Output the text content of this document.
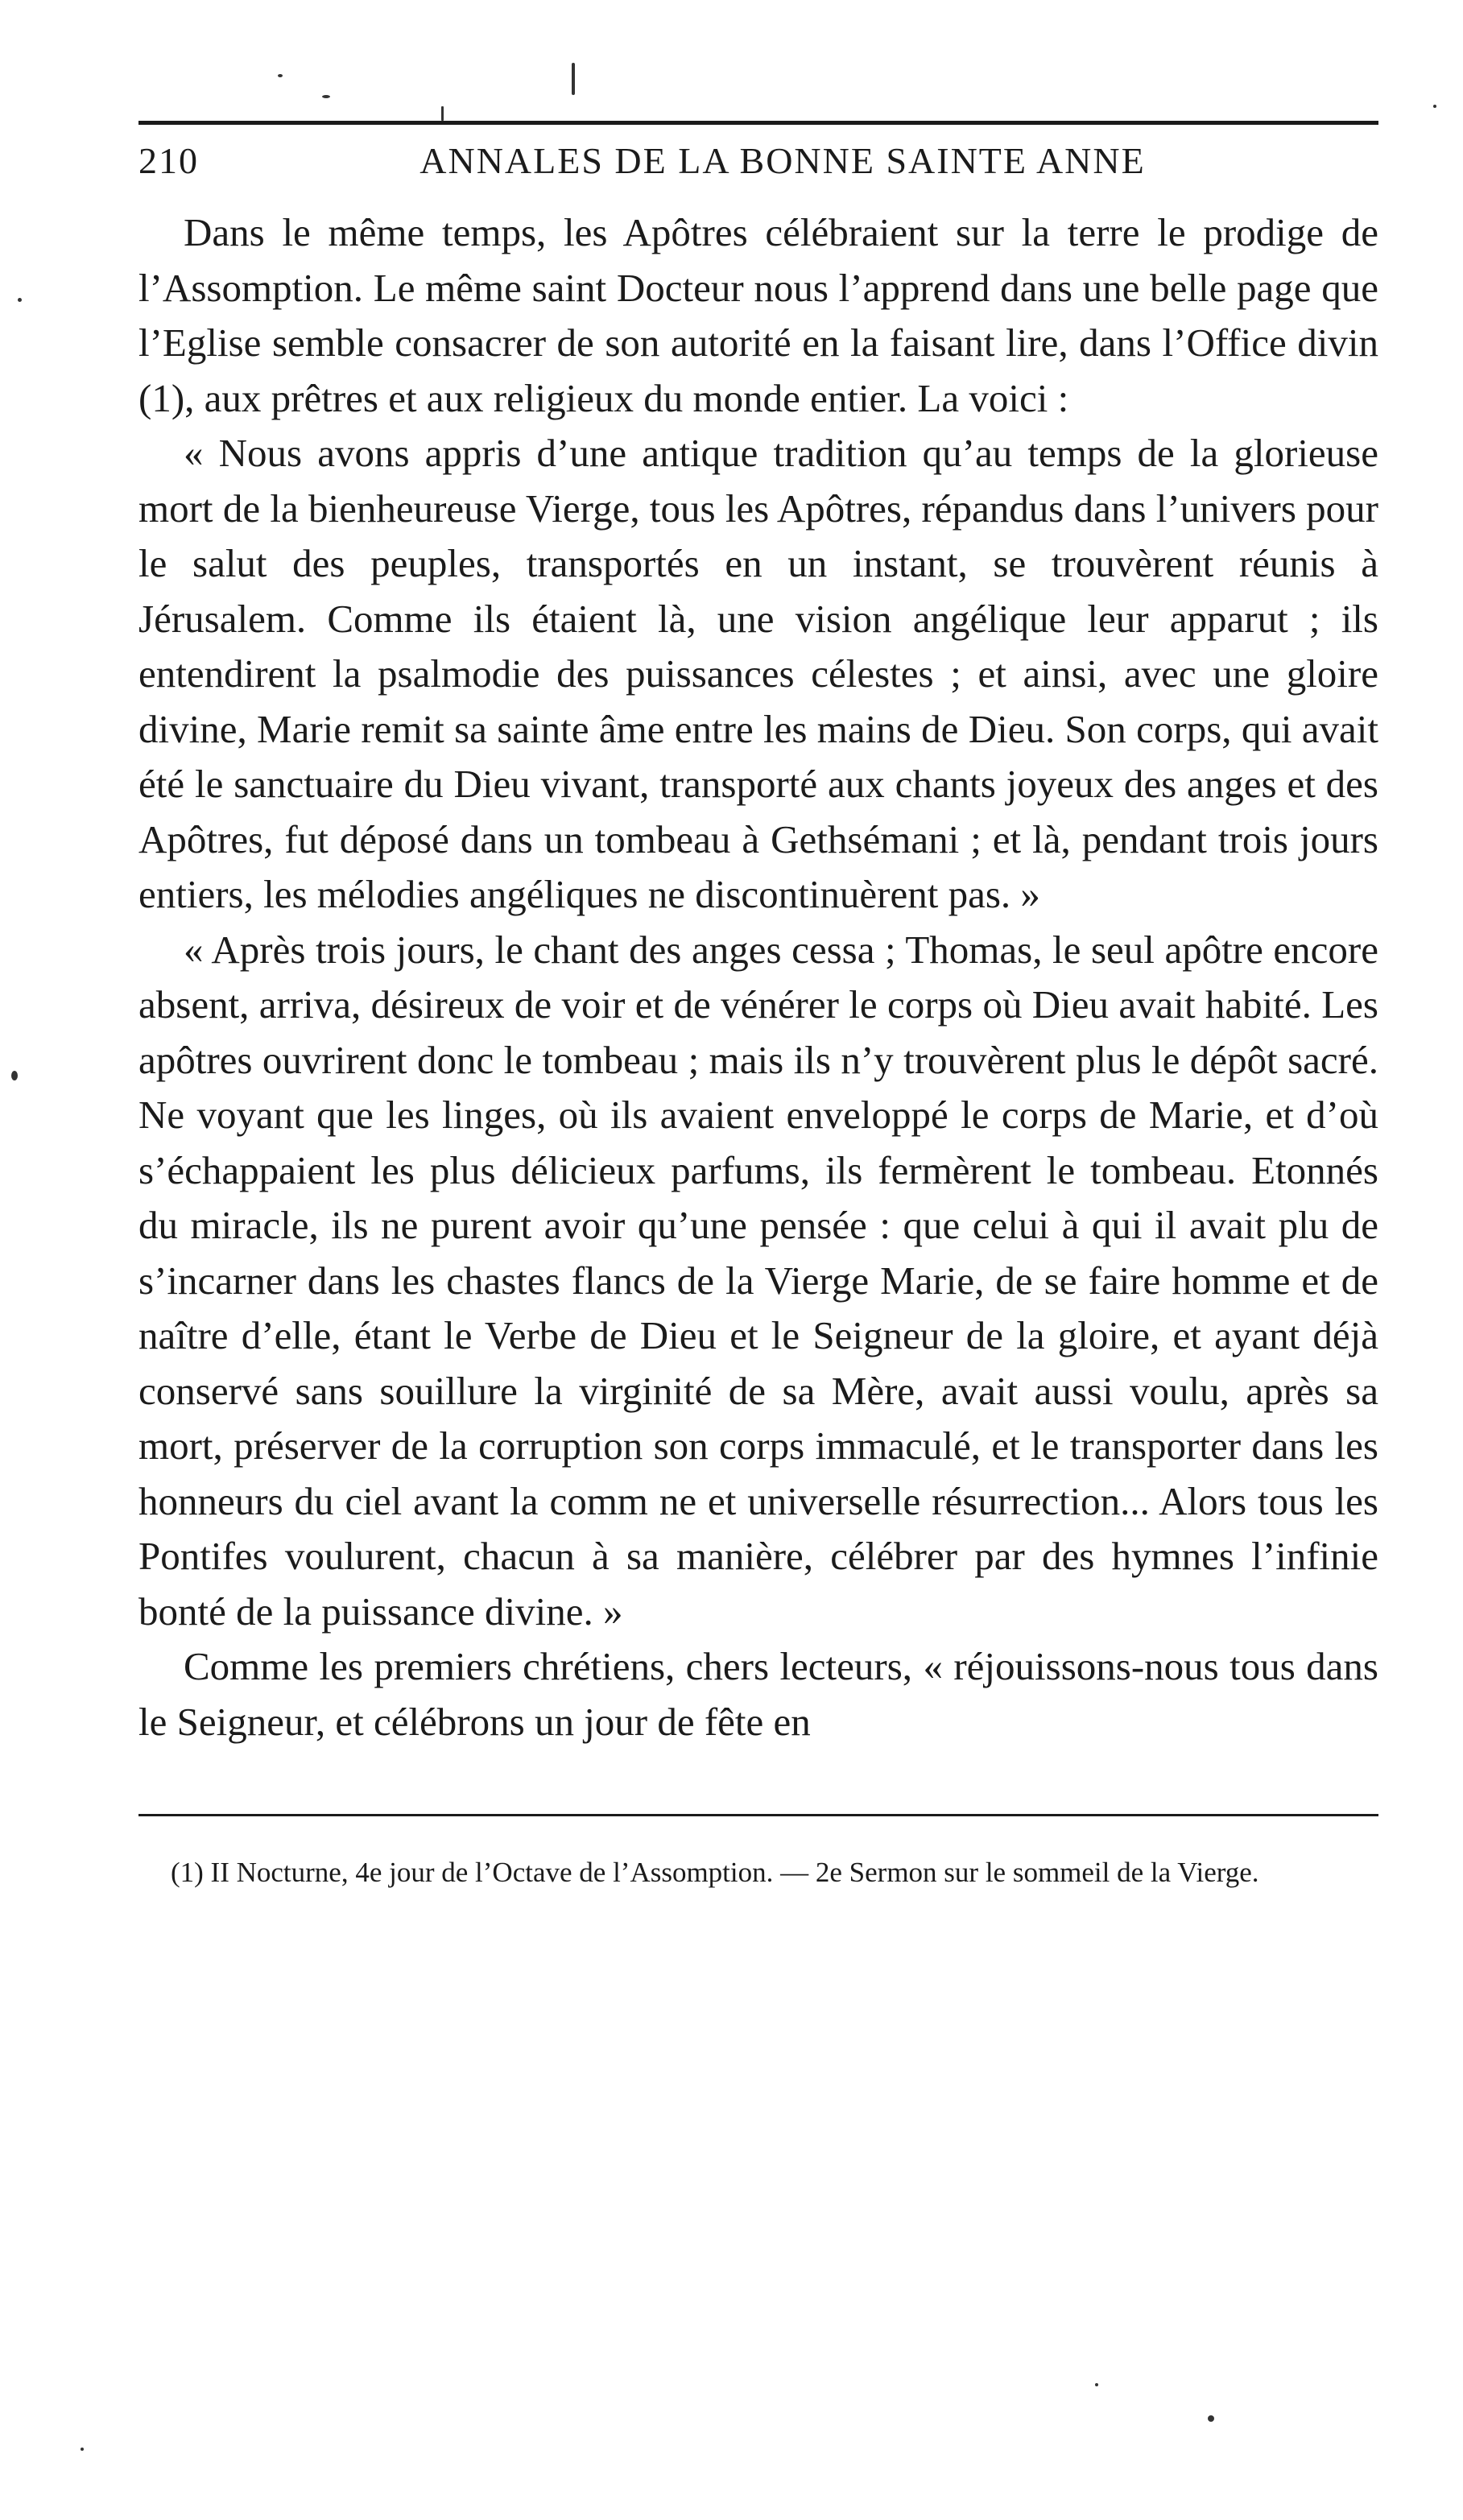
210	ANNALES DE LA BONNE SAINTE ANNE

Dans le même temps, les Apôtres célébraient sur la terre le prodige de l’Assomption. Le même saint Docteur nous l’apprend dans une belle page que l’Eglise semble consacrer de son autorité en la faisant lire, dans l’Office divin (1), aux prêtres et aux religieux du monde entier. La voici :

« Nous avons appris d’une antique tradition qu’au temps de la glorieuse mort de la bienheureuse Vierge, tous les Apôtres, répandus dans l’univers pour le salut des peuples, transportés en un instant, se trouvèrent réunis à Jérusalem. Comme ils étaient là, une vision angélique leur apparut ; ils entendirent la psalmodie des puissances célestes ; et ainsi, avec une gloire divine, Marie remit sa sainte âme entre les mains de Dieu. Son corps, qui avait été le sanctuaire du Dieu vivant, transporté aux chants joyeux des anges et des Apôtres, fut déposé dans un tombeau à Gethsémani ; et là, pendant trois jours entiers, les mélodies angéliques ne discontinuèrent pas. »

« Après trois jours, le chant des anges cessa ; Thomas, le seul apôtre encore absent, arriva, désireux de voir et de vénérer le corps où Dieu avait habité. Les apôtres ouvrirent donc le tombeau ; mais ils n’y trouvèrent plus le dépôt sacré. Ne voyant que les linges, où ils avaient enveloppé le corps de Marie, et d’où s’échappaient les plus délicieux parfums, ils fermèrent le tombeau. Etonnés du miracle, ils ne purent avoir qu’une pensée : que celui à qui il avait plu de s’incarner dans les chastes flancs de la Vierge Marie, de se faire homme et de naître d’elle, étant le Verbe de Dieu et le Seigneur de la gloire, et ayant déjà conservé sans souillure la virginité de sa Mère, avait aussi voulu, après sa mort, préserver de la corruption son corps immaculé, et le transporter dans les honneurs du ciel avant la comm ne et universelle résurrection... Alors tous les Pontifes voulurent, chacun à sa manière, célébrer par des hymnes l’infinie bonté de la puissance divine. »

Comme les premiers chrétiens, chers lecteurs, « réjouissons-nous tous dans le Seigneur, et célébrons un jour de fête en

(1) II Nocturne, 4e jour de l’Octave de l’Assomption. — 2e Sermon sur le sommeil de la Vierge.
